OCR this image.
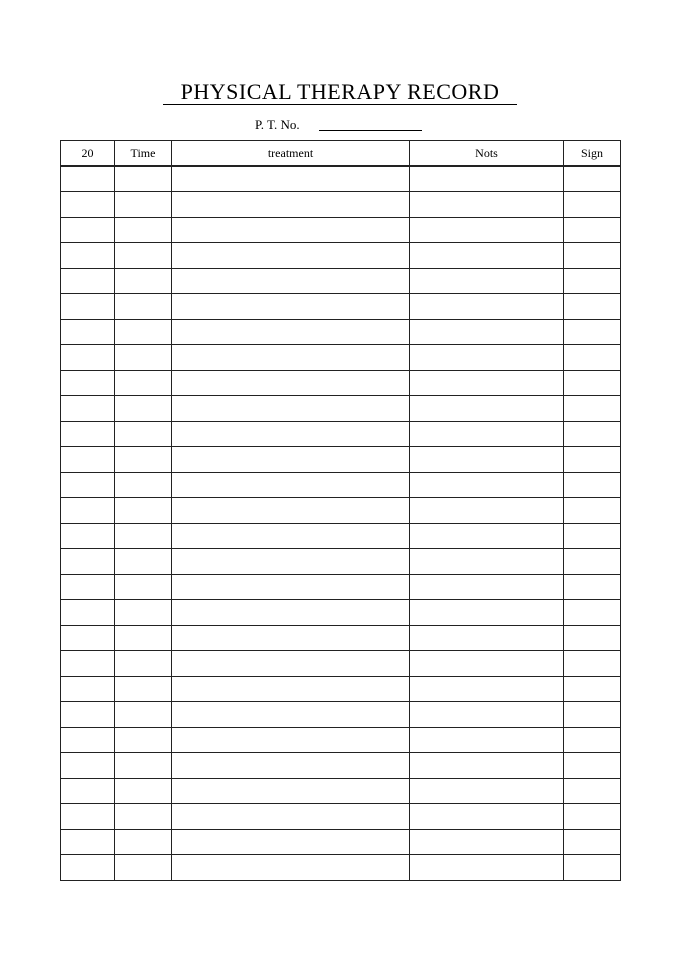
PHYSICAL THERAPY RECORD
P. T. No.
20	Time	treatment	Nots	Sign
